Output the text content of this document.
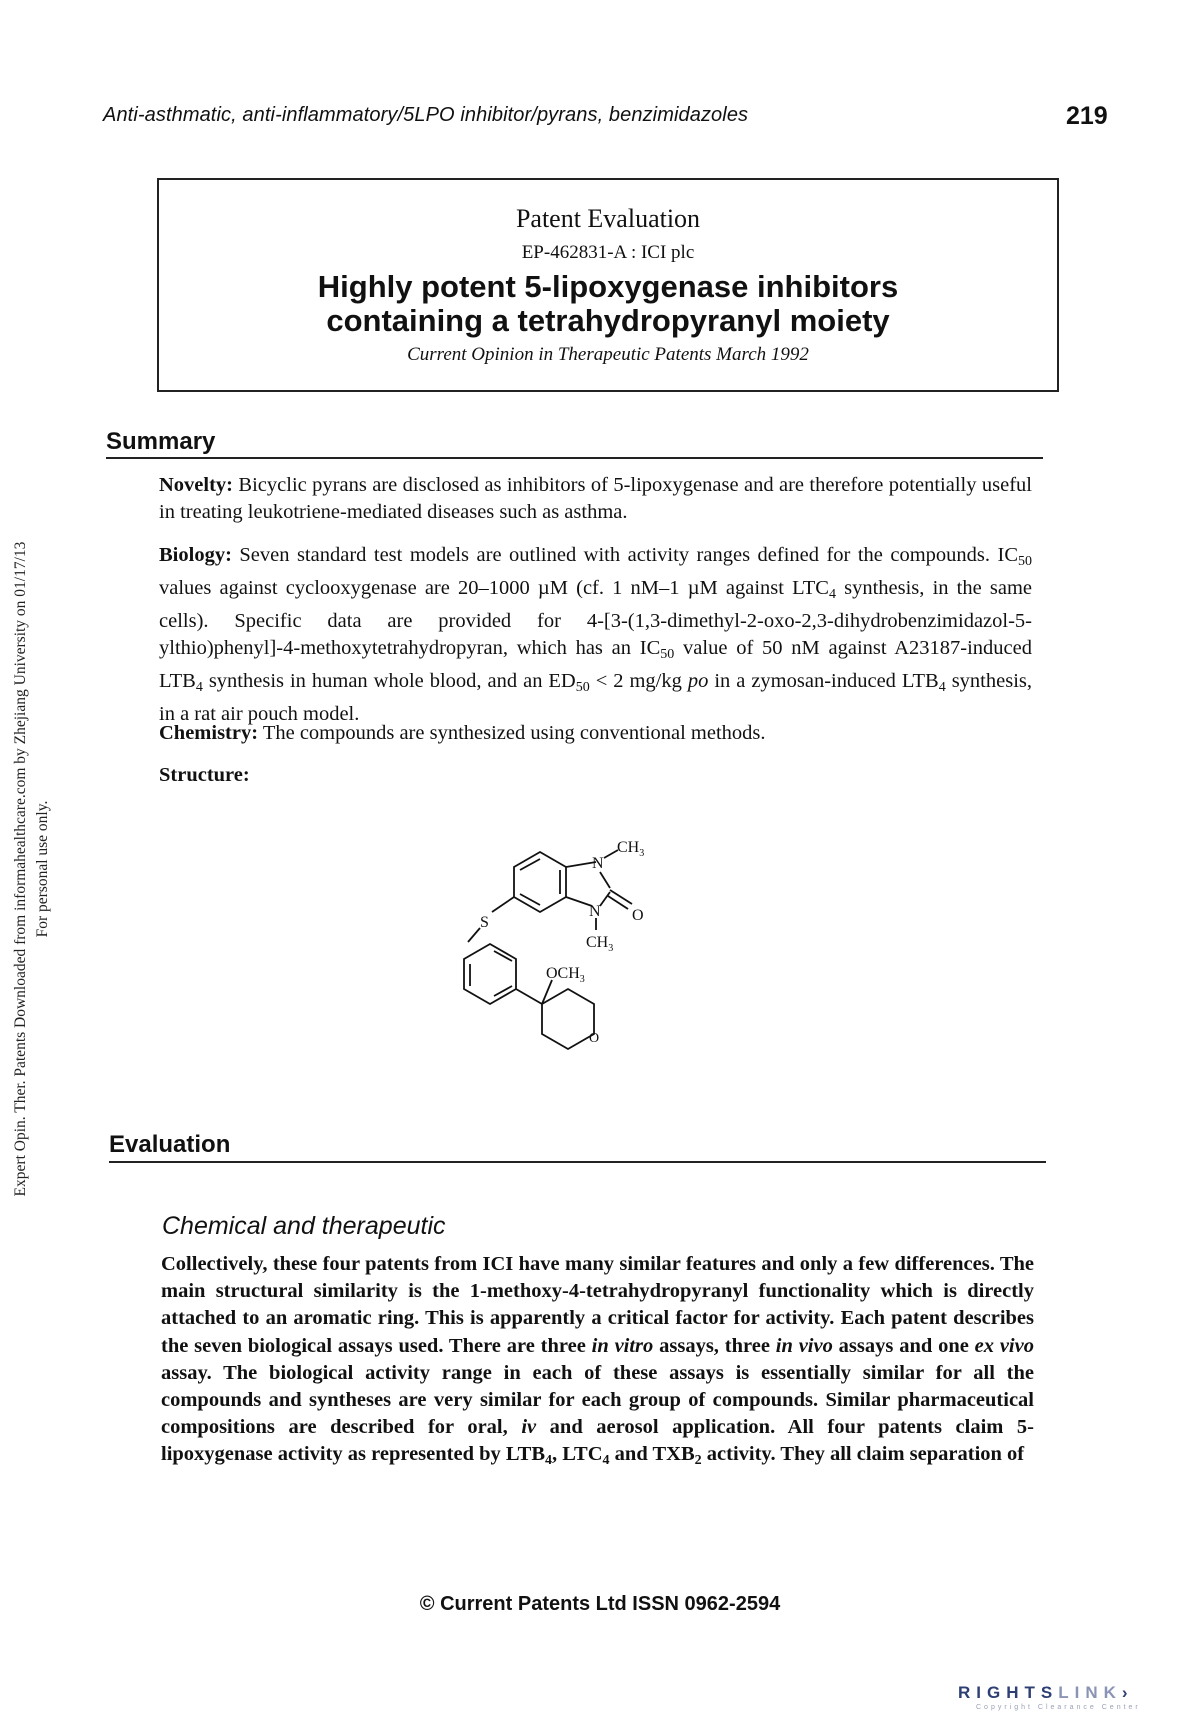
Anti-asthmatic, anti-inflammatory/5LPO inhibitor/pyrans, benzimidazoles	219
Expert Opin. Ther. Patents Downloaded from informahealthcare.com by Zhejiang University on 01/17/13 For personal use only.
Patent Evaluation
EP-462831-A : ICI plc
Highly potent 5-lipoxygenase inhibitors
containing a tetrahydropyranyl moiety
Current Opinion in Therapeutic Patents March 1992
Summary
Novelty: Bicyclic pyrans are disclosed as inhibitors of 5-lipoxygenase and are therefore potentially useful in treating leukotriene-mediated diseases such as asthma.
Biology: Seven standard test models are outlined with activity ranges defined for the compounds. $IC_{50}$ values against cyclooxygenase are 20–1000 µM (cf. 1 nM–1 µM against $LTC_4$ synthesis, in the same cells). Specific data are provided for 4-[3-(1,3-dimethyl-2-oxo-2,3-dihydrobenzimidazol-5-ylthio)phenyl]-4-methoxytetrahydropyran, which has an $IC_{50}$ value of 50 nM against A23187-induced $LTB_4$ synthesis in human whole blood, and an $ED_{50} < 2$ mg/kg po in a zymosan-induced $LTB_4$ synthesis, in a rat air pouch model.
Chemistry: The compounds are synthesized using conventional methods.
Structure:
N
$CH_3$
N O
$CH_3$
S
$OCH_3$
O
Evaluation
Chemical and therapeutic
Collectively, these four patents from ICI have many similar features and only a few differences. The main structural similarity is the 1-methoxy-4-tetrahydropyranyl functionality which is directly attached to an aromatic ring. This is apparently a critical factor for activity. Each patent describes the seven biological assays used. There are three in vitro assays, three in vivo assays and one ex vivo assay. The biological activity range in each of these assays is essentially similar for all the compounds and syntheses are very similar for each group of compounds. Similar pharmaceutical compositions are described for oral, iv and aerosol application. All four patents claim 5-lipoxygenase activity as represented by $LTB_4$, $LTC_4$ and $TXB_2$ activity. They all claim separation of
© Current Patents Ltd ISSN 0962-2594
RIGHTSLINK›
Copyright Clearance Center
